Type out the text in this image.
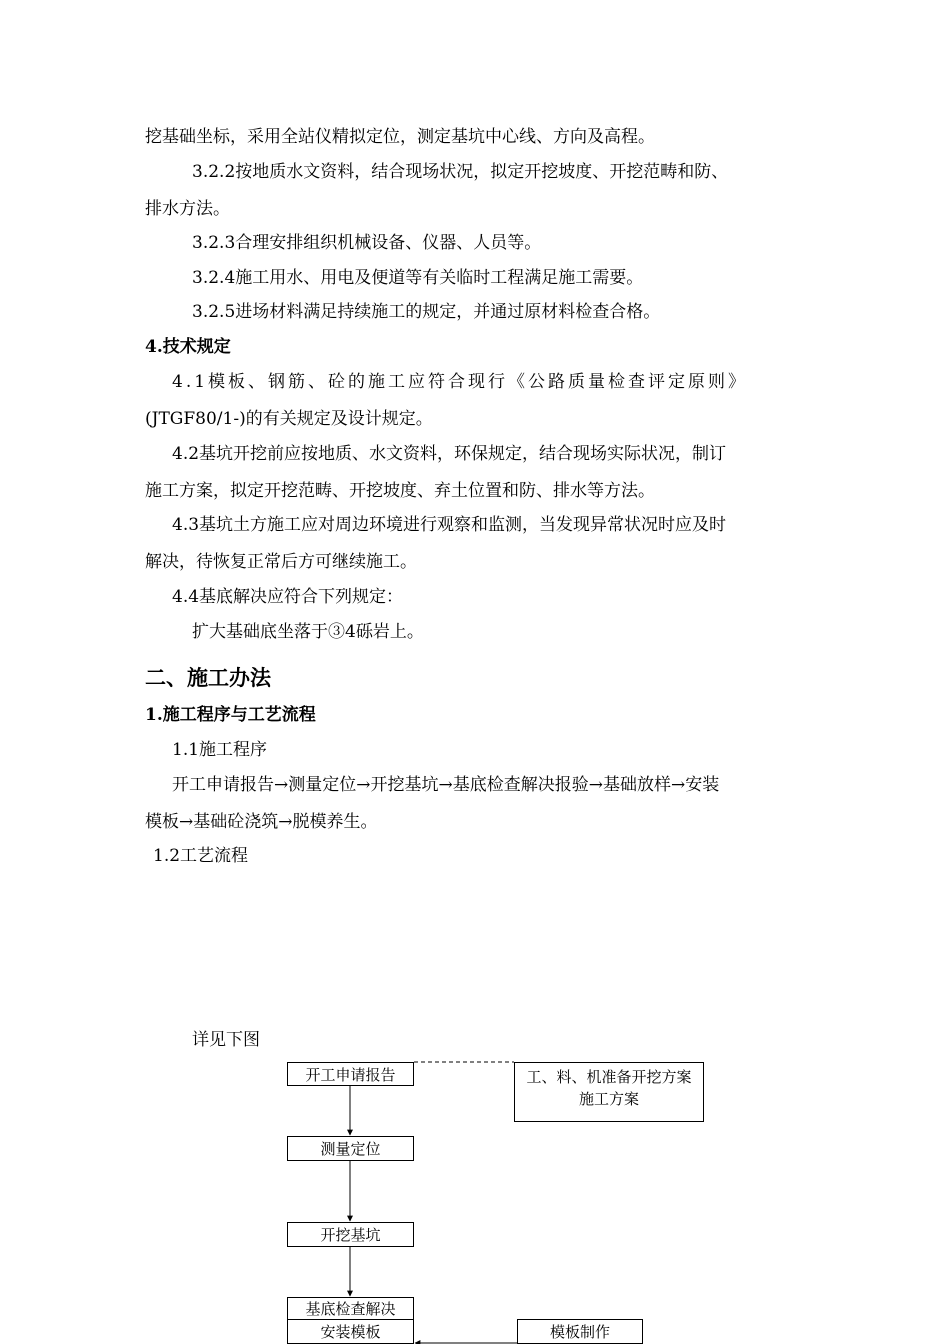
挖基础坐标，采用全站仪精拟定位，测定基坑中心线、方向及高程。
3.2.2按地质水文资料，结合现场状况，拟定开挖坡度、开挖范畴和防、
排水方法。
3.2.3合理安排组织机械设备、仪器、人员等。
3.2.4施工用水、用电及便道等有关临时工程满足施工需要。
3.2.5进场材料满足持续施工的规定，并通过原材料检查合格。
4.技术规定
4.1模板、钢筋、砼的施工应符合现行《公路质量检查评定原则》
(JTGF80/1-)的有关规定及设计规定。
4.2基坑开挖前应按地质、水文资料，环保规定，结合现场实际状况，制订
施工方案，拟定开挖范畴、开挖坡度、弃土位置和防、排水等方法。
4.3基坑土方施工应对周边环境进行观察和监测，当发现异常状况时应及时
解决，待恢复正常后方可继续施工。
4.4基底解决应符合下列规定：
扩大基础底坐落于③4砾岩上。
二、施工办法
1.施工程序与工艺流程
1.1施工程序
开工申请报告→测量定位→开挖基坑→基底检查解决报验→基础放样→安装
模板→基础砼浇筑→脱模养生。
1.2工艺流程
详见下图
开工申请报告	工、料、机准备开挖方案
施工方案
测量定位
开挖基坑
基底检查解决
安装模板	模板制作
